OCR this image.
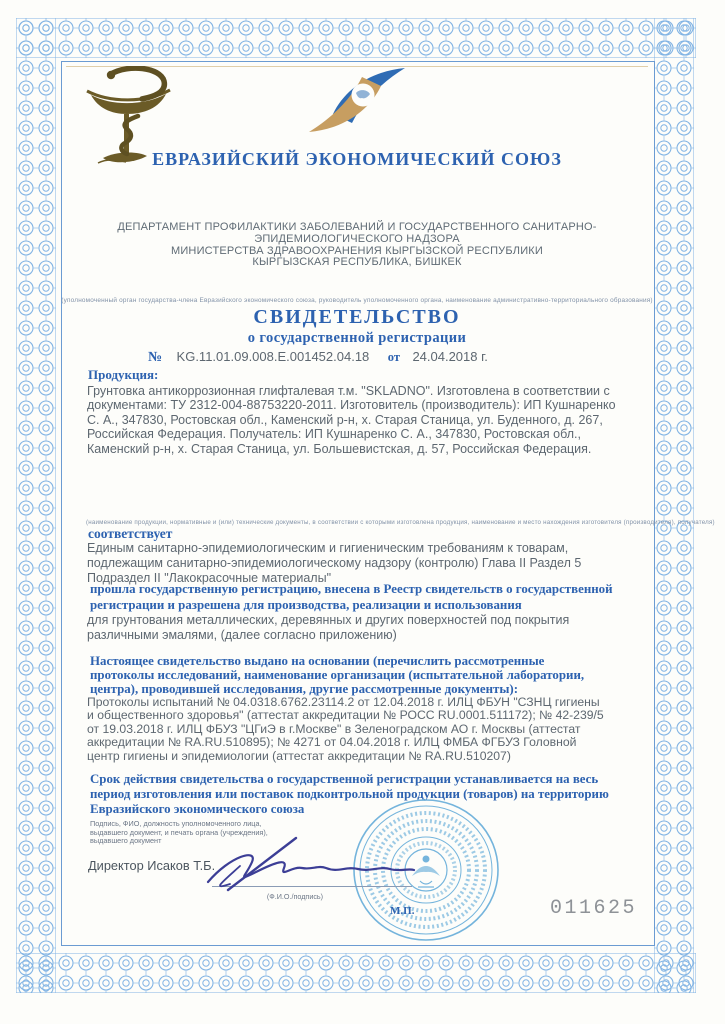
ЕВРАЗИЙСКИЙ ЭКОНОМИЧЕСКИЙ СОЮЗ
ДЕПАРТАМЕНТ ПРОФИЛАКТИКИ ЗАБОЛЕВАНИЙ И ГОСУДАРСТВЕННОГО САНИТАРНО-
ЭПИДЕМИОЛОГИЧЕСКОГО НАДЗОРА
МИНИСТЕРСТВА ЗДРАВООХРАНЕНИЯ КЫРГЫЗСКОЙ РЕСПУБЛИКИ
КЫРГЫЗСКАЯ РЕСПУБЛИКА, БИШКЕК
(уполномоченный орган государства-члена Евразийского экономического союза, руководитель уполномоченного органа, наименование административно-территориального образования)
СВИДЕТЕЛЬСТВО
о государственной регистрации
№ KG.11.01.09.008.Е.001452.04.18 от 24.04.2018 г.
Продукция:
Грунтовка антикоррозионная глифталевая т.м. "SKLADNO". Изготовлена в соответствии с
документами: ТУ 2312-004-88753220-2011. Изготовитель (производитель): ИП Кушнаренко
С. А., 347830, Ростовская обл., Каменский р-н, х. Старая Станица, ул. Буденного, д. 267,
Российская Федерация. Получатель: ИП Кушнаренко С. А., 347830, Ростовская обл.,
Каменский р-н, х. Старая Станица, ул. Большевистская, д. 57, Российская Федерация.
(наименование продукции, нормативные и (или) технические документы, в соответствии с которыми изготовлена продукция, наименование и место нахождения изготовителя (производителя), получателя)
соответствует
Единым санитарно-эпидемиологическим и гигиеническим требованиям к товарам,
подлежащим санитарно-эпидемиологическому надзору (контролю) Глава II Раздел 5
Подраздел II "Лакокрасочные материалы"
прошла государственную регистрацию, внесена в Реестр свидетельств о государственной
регистрации и разрешена для производства, реализации и использования
для грунтования металлических, деревянных и других поверхностей под покрытия
различными эмалями, (далее согласно приложению)
Настоящее свидетельство выдано на основании (перечислить рассмотренные
протоколы исследований, наименование организации (испытательной лаборатории,
центра), проводившей исследования, другие рассмотренные документы):
Протоколы испытаний № 04.0318.6762.23114.2 от 12.04.2018 г. ИЛЦ ФБУН "СЗНЦ гигиены
и общественного здоровья" (аттестат аккредитации № РОСС RU.0001.511172); № 42-239/5
от 19.03.2018 г. ИЛЦ ФБУЗ "ЦГиЭ в г.Москве" в Зеленоградском АО г. Москвы (аттестат
аккредитации № RA.RU.510895); № 4271 от 04.04.2018 г. ИЛЦ ФМБА ФГБУЗ Головной
центр гигиены и эпидемиологии (аттестат аккредитации № RA.RU.510207)
Срок действия свидетельства о государственной регистрации устанавливается на весь
период изготовления или поставок подконтрольной продукции (товаров) на территорию
Евразийского экономического союза
Подпись, ФИО, должность уполномоченного лица,
выдавшего документ, и печать органа (учреждения),
выдавшего документ
Директор Исаков Т.Б.
(Ф.И.О./подпись)
М.П.	011625
